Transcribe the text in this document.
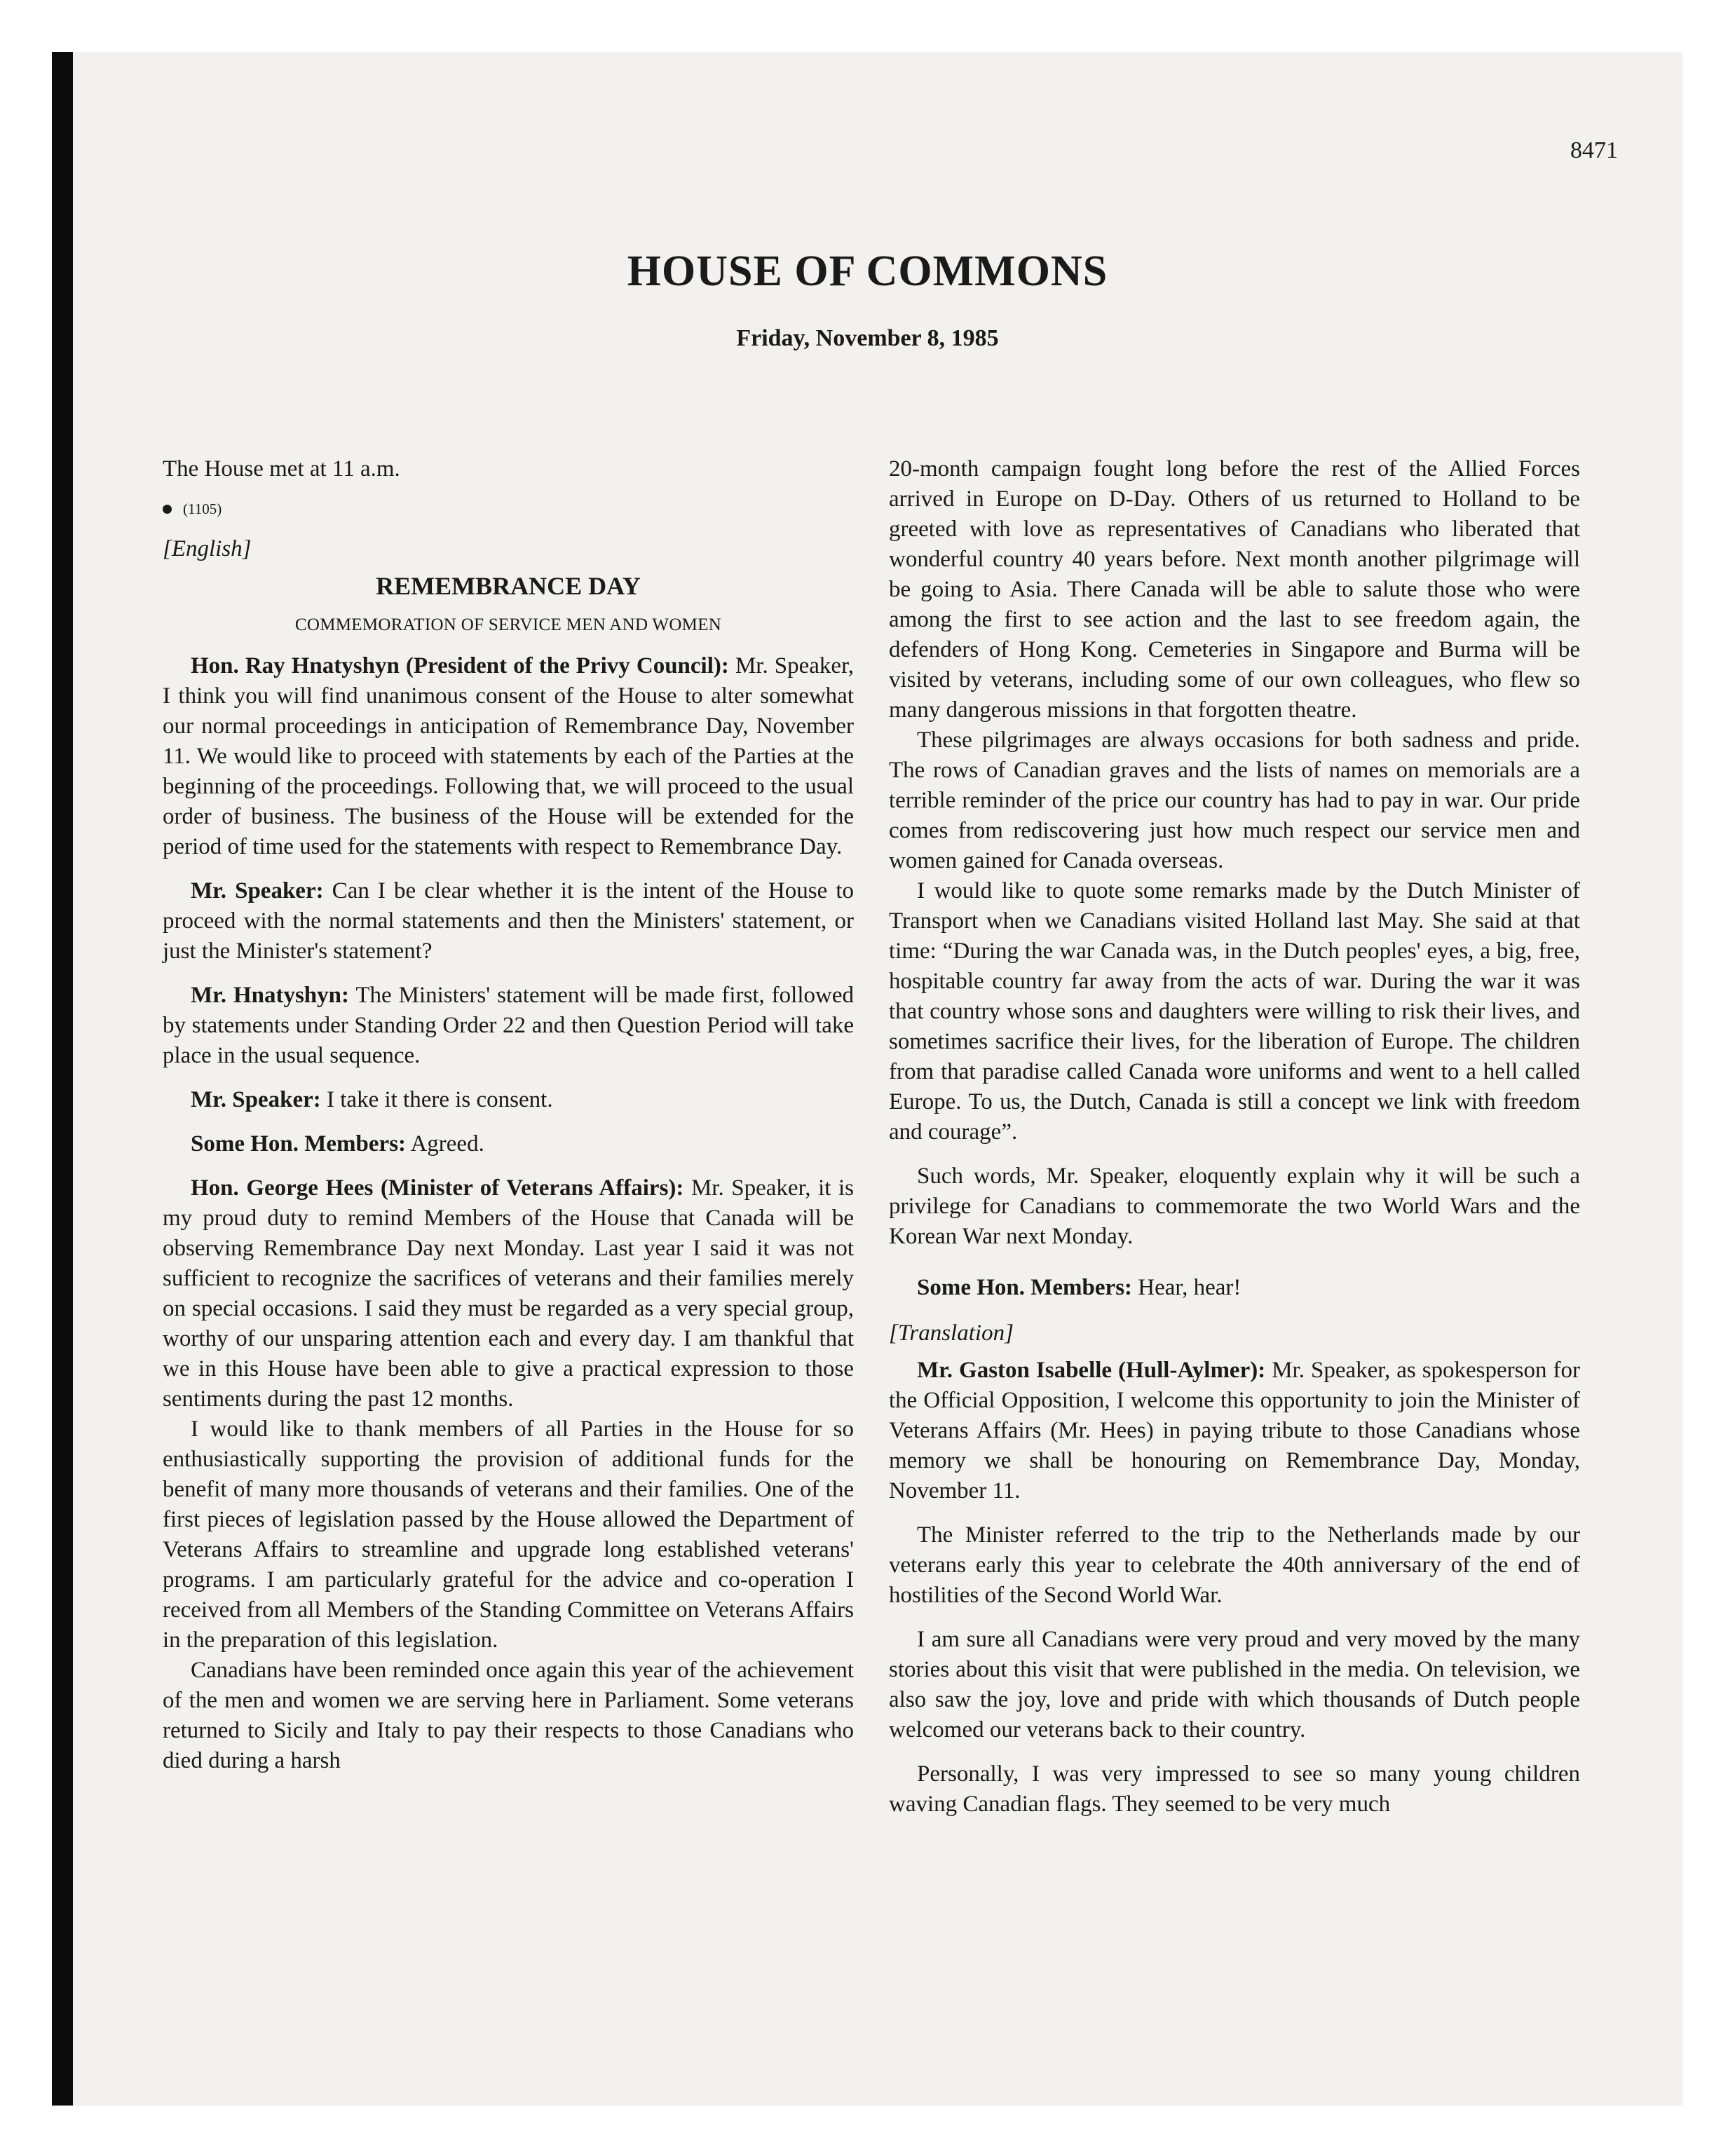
8471
HOUSE OF COMMONS
Friday, November 8, 1985

The House met at 11 a.m.

(1105)

[English]

REMEMBRANCE DAY
COMMEMORATION OF SERVICE MEN AND WOMEN

Hon. Ray Hnatyshyn (President of the Privy Council): Mr. Speaker, I think you will find unanimous consent of the House to alter somewhat our normal proceedings in anticipation of Remembrance Day, November 11. We would like to proceed with statements by each of the Parties at the beginning of the proceedings. Following that, we will proceed to the usual order of business. The business of the House will be extended for the period of time used for the statements with respect to Remembrance Day.

Mr. Speaker: Can I be clear whether it is the intent of the House to proceed with the normal statements and then the Ministers' statement, or just the Minister's statement?

Mr. Hnatyshyn: The Ministers' statement will be made first, followed by statements under Standing Order 22 and then Question Period will take place in the usual sequence.

Mr. Speaker: I take it there is consent.

Some Hon. Members: Agreed.

Hon. George Hees (Minister of Veterans Affairs): Mr. Speaker, it is my proud duty to remind Members of the House that Canada will be observing Remembrance Day next Monday. Last year I said it was not sufficient to recognize the sacrifices of veterans and their families merely on special occasions. I said they must be regarded as a very special group, worthy of our unsparing attention each and every day. I am thankful that we in this House have been able to give a practical expression to those sentiments during the past 12 months.

I would like to thank members of all Parties in the House for so enthusiastically supporting the provision of additional funds for the benefit of many more thousands of veterans and their families. One of the first pieces of legislation passed by the House allowed the Department of Veterans Affairs to streamline and upgrade long established veterans' programs. I am particularly grateful for the advice and co-operation I received from all Members of the Standing Committee on Veterans Affairs in the preparation of this legislation.

Canadians have been reminded once again this year of the achievement of the men and women we are serving here in Parliament. Some veterans returned to Sicily and Italy to pay their respects to those Canadians who died during a harsh

20-month campaign fought long before the rest of the Allied Forces arrived in Europe on D-Day. Others of us returned to Holland to be greeted with love as representatives of Canadians who liberated that wonderful country 40 years before. Next month another pilgrimage will be going to Asia. There Canada will be able to salute those who were among the first to see action and the last to see freedom again, the defenders of Hong Kong. Cemeteries in Singapore and Burma will be visited by veterans, including some of our own colleagues, who flew so many dangerous missions in that forgotten theatre.

These pilgrimages are always occasions for both sadness and pride. The rows of Canadian graves and the lists of names on memorials are a terrible reminder of the price our country has had to pay in war. Our pride comes from rediscovering just how much respect our service men and women gained for Canada overseas.

I would like to quote some remarks made by the Dutch Minister of Transport when we Canadians visited Holland last May. She said at that time: “During the war Canada was, in the Dutch peoples' eyes, a big, free, hospitable country far away from the acts of war. During the war it was that country whose sons and daughters were willing to risk their lives, and sometimes sacrifice their lives, for the liberation of Europe. The children from that paradise called Canada wore uniforms and went to a hell called Europe. To us, the Dutch, Canada is still a concept we link with freedom and courage”.

Such words, Mr. Speaker, eloquently explain why it will be such a privilege for Canadians to commemorate the two World Wars and the Korean War next Monday.

Some Hon. Members: Hear, hear!

[Translation]

Mr. Gaston Isabelle (Hull-Aylmer): Mr. Speaker, as spokesperson for the Official Opposition, I welcome this opportunity to join the Minister of Veterans Affairs (Mr. Hees) in paying tribute to those Canadians whose memory we shall be honouring on Remembrance Day, Monday, November 11.

The Minister referred to the trip to the Netherlands made by our veterans early this year to celebrate the 40th anniversary of the end of hostilities of the Second World War.

I am sure all Canadians were very proud and very moved by the many stories about this visit that were published in the media. On television, we also saw the joy, love and pride with which thousands of Dutch people welcomed our veterans back to their country.

Personally, I was very impressed to see so many young children waving Canadian flags. They seemed to be very much
